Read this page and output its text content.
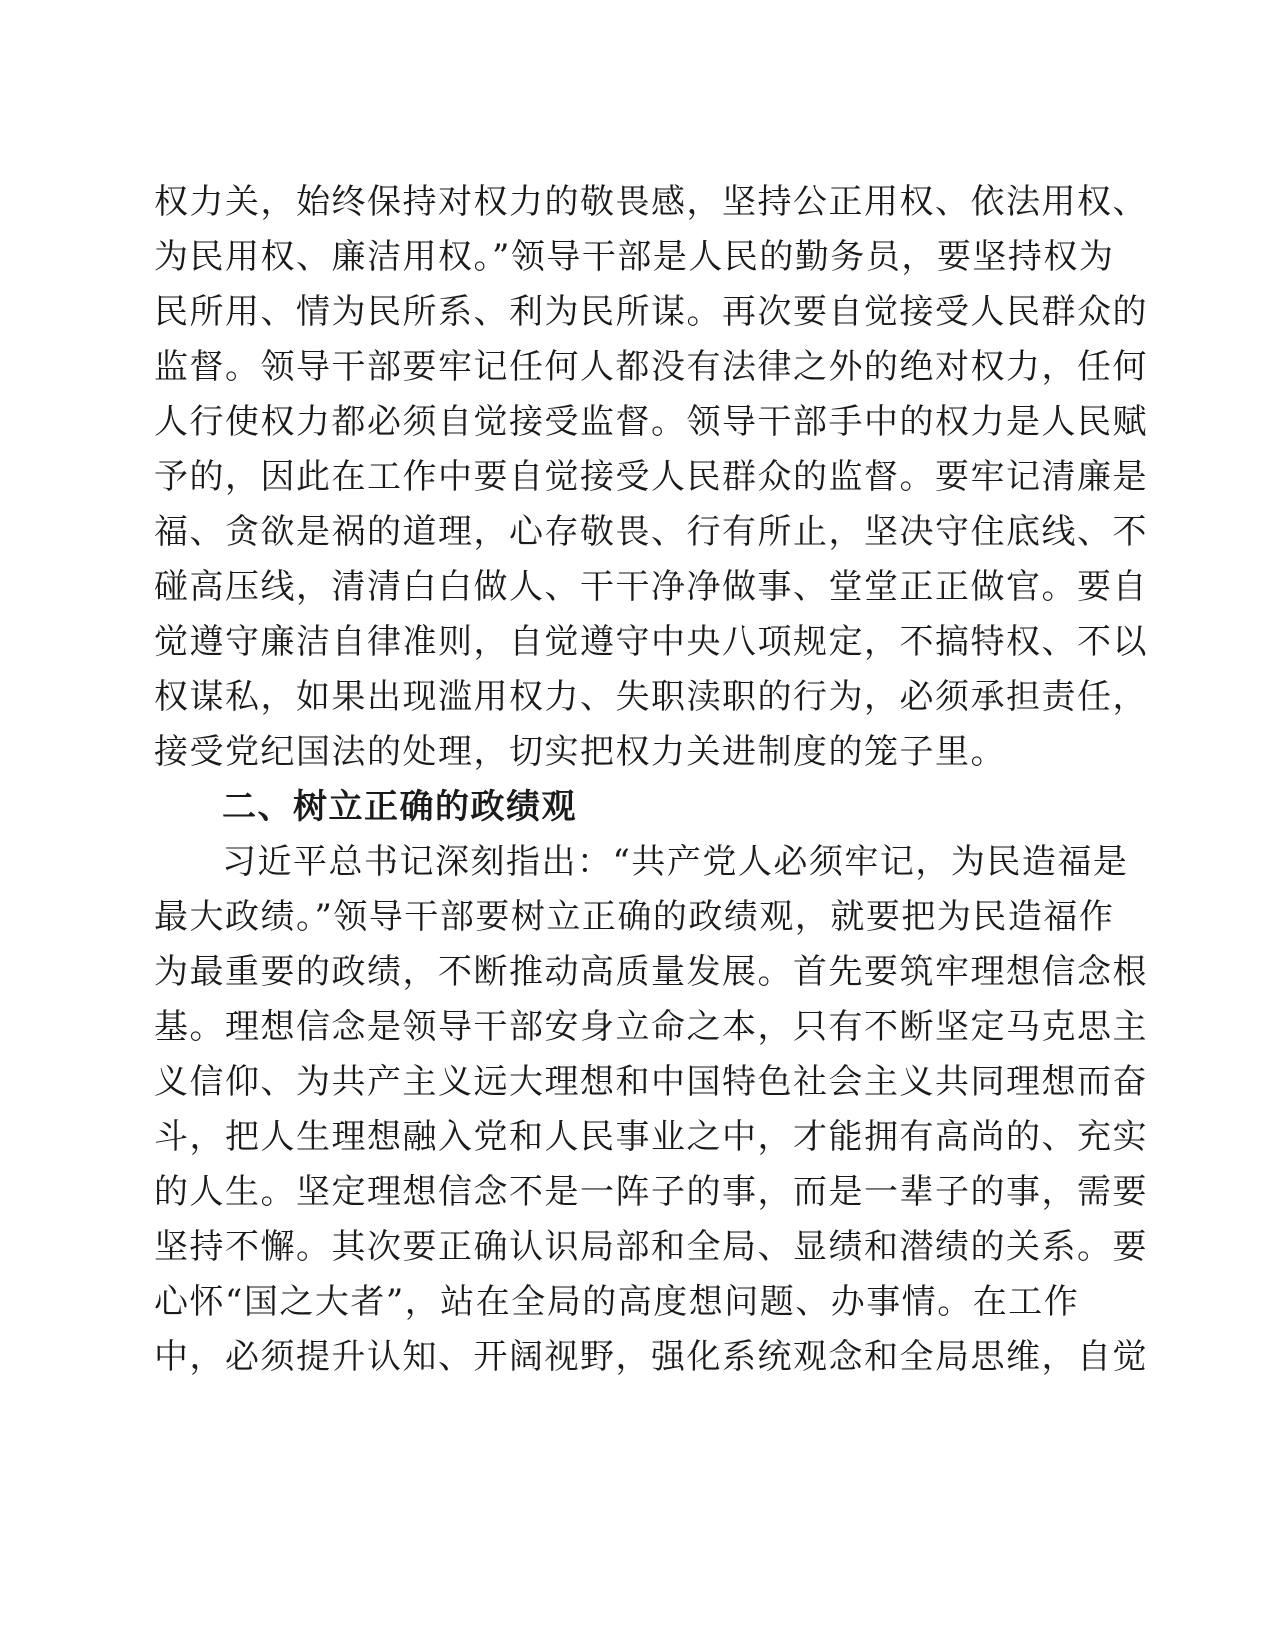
权力关，始终保持对权力的敬畏感，坚持公正用权、依法用权、
为民用权、廉洁用权。”领导干部是人民的勤务员，要坚持权为
民所用、情为民所系、利为民所谋。再次要自觉接受人民群众的
监督。领导干部要牢记任何人都没有法律之外的绝对权力，任何
人行使权力都必须自觉接受监督。领导干部手中的权力是人民赋
予的，因此在工作中要自觉接受人民群众的监督。要牢记清廉是
福、贪欲是祸的道理，心存敬畏、行有所止，坚决守住底线、不
碰高压线，清清白白做人、干干净净做事、堂堂正正做官。要自
觉遵守廉洁自律准则，自觉遵守中央八项规定，不搞特权、不以
权谋私，如果出现滥用权力、失职渎职的行为，必须承担责任，
接受党纪国法的处理，切实把权力关进制度的笼子里。
二、树立正确的政绩观
习近平总书记深刻指出：“共产党人必须牢记，为民造福是
最大政绩。”领导干部要树立正确的政绩观，就要把为民造福作
为最重要的政绩，不断推动高质量发展。首先要筑牢理想信念根
基。理想信念是领导干部安身立命之本，只有不断坚定马克思主
义信仰、为共产主义远大理想和中国特色社会主义共同理想而奋
斗，把人生理想融入党和人民事业之中，才能拥有高尚的、充实
的人生。坚定理想信念不是一阵子的事，而是一辈子的事，需要
坚持不懈。其次要正确认识局部和全局、显绩和潜绩的关系。要
心怀“国之大者”，站在全局的高度想问题、办事情。在工作
中，必须提升认知、开阔视野，强化系统观念和全局思维，自觉
